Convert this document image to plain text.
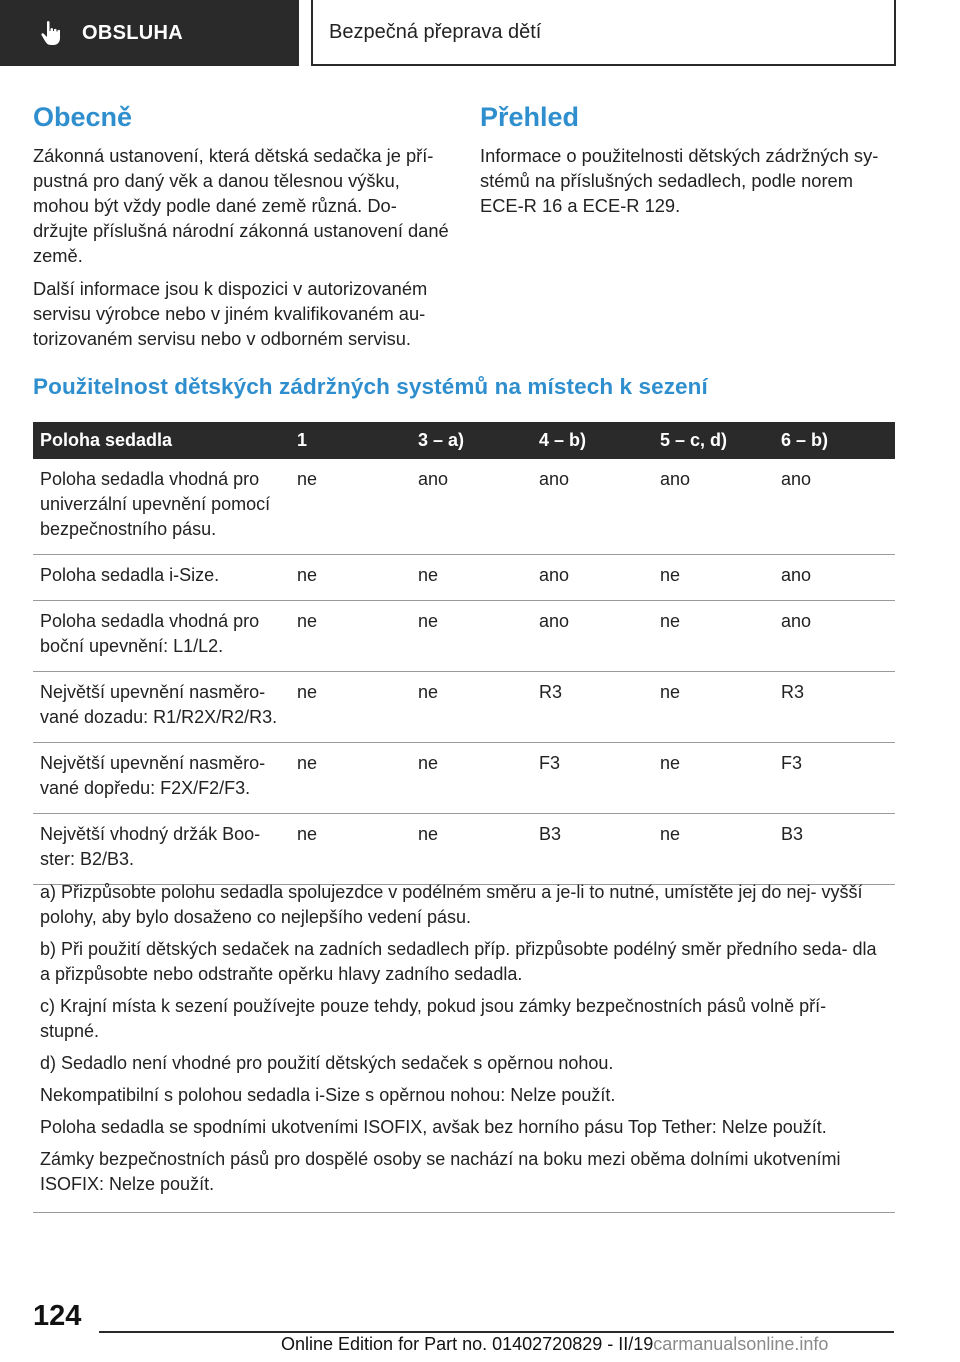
OBSLUHA	Bezpečná přeprava dětí
Obecně

Zákonná ustanovení, která dětská sedačka je pří- pustná pro daný věk a danou tělesnou výšku, mohou být vždy podle dané země různá. Do- držujte příslušná národní zákonná ustanovení dané země.

Další informace jsou k dispozici v autorizovaném servisu výrobce nebo v jiném kvalifikovaném au- torizovaném servisu nebo v odborném servisu.

Přehled

Informace o použitelnosti dětských zádržných sy- stémů na příslušných sedadlech, podle norem ECE-R 16 a ECE-R 129.

Použitelnost dětských zádržných systémů na místech k sezení
Poloha sedadla	1	3 – a)	4 – b)	5 – c, d)	6 – b)
Poloha sedadla vhodná pro univerzální upevnění pomocí bezpečnostního pásu.	ne	ano	ano	ano	ano
Poloha sedadla i-Size.	ne	ne	ano	ne	ano
Poloha sedadla vhodná pro boční upevnění: L1/L2.	ne	ne	ano	ne	ano
Největší upevnění nasměro- vané dozadu: R1/R2X/R2/R3.	ne	ne	R3	ne	R3
Největší upevnění nasměro- vané dopředu: F2X/F2/F3.	ne	ne	F3	ne	F3
Největší vhodný držák Boo- ster: B2/B3.	ne	ne	B3	ne	B3

a) Přizpůsobte polohu sedadla spolujezdce v podélném směru a je-li to nutné, umístěte jej do nej- vyšší polohy, aby bylo dosaženo co nejlepšího vedení pásu.

b) Při použití dětských sedaček na zadních sedadlech příp. přizpůsobte podélný směr předního seda- dla a přizpůsobte nebo odstraňte opěrku hlavy zadního sedadla.

c) Krajní místa k sezení používejte pouze tehdy, pokud jsou zámky bezpečnostních pásů volně pří- stupné.

d) Sedadlo není vhodné pro použití dětských sedaček s opěrnou nohou.

Nekompatibilní s polohou sedadla i-Size s opěrnou nohou: Nelze použít.

Poloha sedadla se spodními ukotveními ISOFIX, avšak bez horního pásu Top Tether: Nelze použít.

Zámky bezpečnostních pásů pro dospělé osoby se nachází na boku mezi oběma dolními ukotveními ISOFIX: Nelze použít.

124
Online Edition for Part no. 01402720829 - II/19carmanualsonline.info
